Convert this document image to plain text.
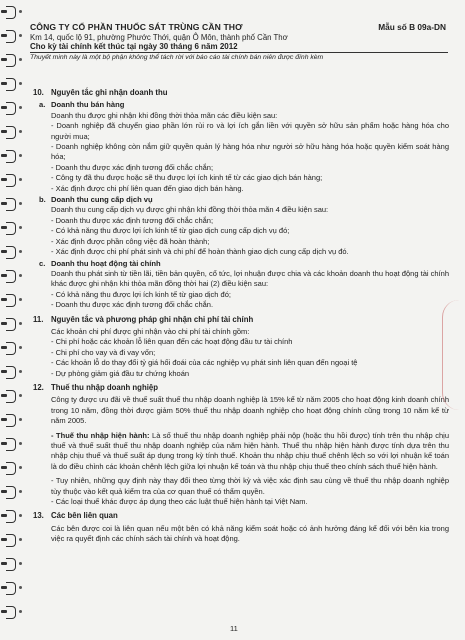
CÔNG TY CỔ PHẦN THUỐC SÁT TRÙNG CẦN THƠ	Mẫu số B 09a-DN
Km 14, quốc lộ 91, phường Phước Thới, quận Ô Môn, thành phố Cần Thơ
Cho kỳ tài chính kết thúc tại ngày 30 tháng 6 năm 2012
Thuyết minh này là một bộ phận không thể tách rời với báo cáo tài chính bán niên được đính kèm
10. Nguyên tắc ghi nhận doanh thu
a. Doanh thu bán hàng
Doanh thu được ghi nhận khi đồng thời thỏa mãn các điều kiện sau:
- Doanh nghiệp đã chuyển giao phần lớn rủi ro và lợi ích gắn liền với quyền sở hữu sản phẩm hoặc hàng hóa cho người mua;
- Doanh nghiệp không còn nắm giữ quyền quản lý hàng hóa như người sở hữu hàng hóa hoặc quyền kiểm soát hàng hóa;
- Doanh thu được xác định tương đối chắc chắn;
- Công ty đã thu được hoặc sẽ thu được lợi ích kinh tế từ các giao dịch bán hàng;
- Xác định được chi phí liên quan đến giao dịch bán hàng.
b. Doanh thu cung cấp dịch vụ
Doanh thu cung cấp dịch vụ được ghi nhận khi đồng thời thỏa mãn 4 điều kiện sau:
- Doanh thu được xác định tương đối chắc chắn;
- Có khả năng thu được lợi ích kinh tế từ giao dịch cung cấp dịch vụ đó;
- Xác định được phần công việc đã hoàn thành;
- Xác định được chi phí phát sinh và chi phí để hoàn thành giao dịch cung cấp dịch vụ đó.
c. Doanh thu hoạt động tài chính
Doanh thu phát sinh từ tiền lãi, tiền bản quyền, cổ tức, lợi nhuận được chia và các khoản doanh thu hoạt động tài chính khác được ghi nhận khi thỏa mãn đồng thời hai (2) điều kiện sau:
- Có khả năng thu được lợi ích kinh tế từ giao dịch đó;
- Doanh thu được xác định tương đối chắc chắn.
11. Nguyên tắc và phương pháp ghi nhận chi phí tài chính
Các khoản chi phí được ghi nhận vào chi phí tài chính gồm:
- Chi phí hoặc các khoản lỗ liên quan đến các hoạt động đầu tư tài chính
- Chi phí cho vay và đi vay vốn;
- Các khoản lỗ do thay đổi tỷ giá hối đoái của các nghiệp vụ phát sinh liên quan đến ngoại tệ
- Dự phòng giảm giá đầu tư chứng khoán
12. Thuế thu nhập doanh nghiệp
Công ty được ưu đãi về thuế suất thuế thu nhập doanh nghiệp là 15% kể từ năm 2005 cho hoạt động kinh doanh chính trong 10 năm, đồng thời được giảm 50% thuế thu nhập doanh nghiệp cho hoạt động chính cũng trong 10 năm kể từ năm 2005.
- Thuế thu nhập hiện hành: Là số thuế thu nhập doanh nghiệp phải nộp (hoặc thu hồi được) tính trên thu nhập chịu thuế và thuế suất thuế thu nhập doanh nghiệp của năm hiện hành. Thuế thu nhập hiện hành được tính dựa trên thu nhập chịu thuế và thuế suất áp dụng trong kỳ tính thuế. Khoản thu nhập chịu thuế chênh lệch so với lợi nhuận kế toán là do điều chỉnh các khoản chênh lệch giữa lợi nhuận kế toán và thu nhập chịu thuế theo chính sách thuế hiện hành.
- Tuy nhiên, những quy định này thay đổi theo từng thời kỳ và việc xác định sau cùng về thuế thu nhập doanh nghiệp tùy thuộc vào kết quả kiểm tra của cơ quan thuế có thẩm quyền.
- Các loại thuế khác được áp dụng theo các luật thuế hiện hành tại Việt Nam.
13. Các bên liên quan
Các bên được coi là liên quan nếu một bên có khả năng kiểm soát hoặc có ảnh hưởng đáng kể đối với bên kia trong việc ra quyết định các chính sách tài chính và hoạt động.
11
